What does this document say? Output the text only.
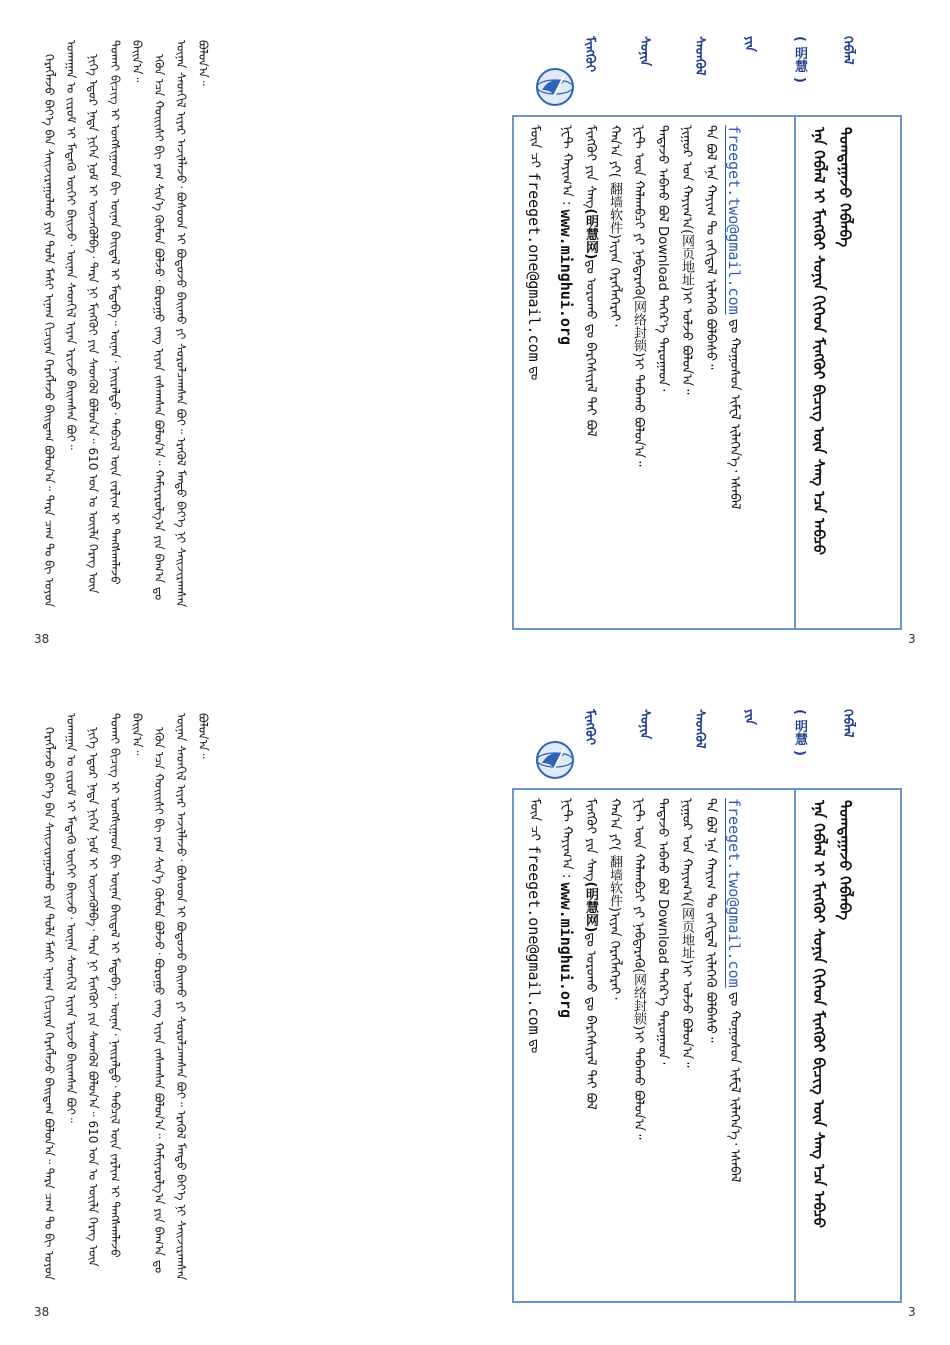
ᠬᠡᠷᠡᠭᠯᠡᠵᠦ ᠪᠡᠶ᠎ᠡ ᠪᠡᠨ ᠰᠠᠢᠵᠢᠷᠠᠭᠤᠯᠬᠤ ᠶᠢᠨ ᠲᠤᠯᠠ ᠮᠠᠰᠢ ᠢᠨᠠᠭ ᠬᠢᠴᠢᠶᠡᠨ ᠬᠡᠷᠡᠭᠯᠡᠵᠦ ᠪᠠᠢᠳᠠᠭ ᠪᠣᠯᠤᠨ᠎ᠠ᠃ ᠲᠡᠷᠡ ᠴᠠᠭ ᠲᠤ ᠪᠢ ᠣᠶᠤᠨ ᠤᠬᠠᠭᠠᠨ ᠤ ᠵᠢᠷᠤᠮ ᠢ ᠮᠡᠳᠡᠬᠦ ᠦᠭᠡᠢ ᠪᠠᠢᠵᠤ᠂ ᠦᠨᠡᠨ ᠰᠡᠳᠬᠢᠯ ᠢᠶᠡᠨ ᠡᠷᠢᠵᠦ ᠪᠠᠢᠭᠰᠠᠨ ᠪᠤᠢ᠃ ᠨᠢᠭᠡ ᠡᠳᠦᠷ ᠨᠠᠳᠠ ᠨᠢᠭᠡᠨ ᠨᠣᠮ ᠢ ᠦᠵᠡᠭᠦᠯᠪᠡ᠂ ᠲᠡᠷᠡ ᠨᠢ ᠮᠢᠩᠬᠦᠢ ᠶᠢᠨ ᠰᠡᠳᠬᠦᠯ ᠪᠣᠯᠤᠨ᠎ᠠ᠃ 610 ᠣᠨ ᠤ ᠦᠢᠯᠡ ᠬᠡᠷᠡᠭ ᠦᠨ ᠲᠤᠬᠠᠢ ᠪᠢᠴᠢᠭ ᠢ ᠤᠩᠰᠢᠭᠠᠳ ᠪᠢ ᠦᠨᠡᠨ ᠪᠠᠢᠳᠠᠯ ᠢ ᠮᠡᠳᠡᠪᠡ᠃ ᠦᠨᠡᠨ᠂ ᠨᠠᠢᠷᠠᠯᠲᠤ᠂ ᠲᠡᠪᠴᠢᠯ ᠦᠨ ᠵᠠᠷᠯᠢᠭ ᠢ ᠲᠠᠩᠰᠠᠭᠯᠠᠵᠤ ᠪᠠᠢᠨ᠎ᠠ᠃ ᠡᠭᠦᠨ ᠡᠴᠡ ᠬᠣᠢᠢᠰᠢ ᠪᠢ ᠶᠠᠭ ᠰᠢᠨ᠎ᠡ ᠬᠦᠮᠦᠨ ᠪᠣᠯᠵᠤ᠂ ᠪᠤᠷᠤᠭᠤ ᠵᠠᠩ ᠢᠶᠠᠨ ᠵᠠᠰᠠᠭᠰᠠᠨ ᠪᠣᠯᠤᠨ᠎ᠠ᠃ ᠬᠠᠮᠢᠶᠠᠷᠤᠯᠭ᠎ᠠ ᠶᠢᠨ ᠪᠠᠭ᠎ᠠ ᠳᠤ ᠦᠨᠡᠨ ᠰᠡᠳᠬᠢᠯ ᠢᠶᠡᠷ ᠠᠵᠢᠯᠯᠠᠵᠤ᠂ ᠪᠤᠰᠤᠳ ᠢ ᠪᠣᠳᠤᠵᠤ ᠪᠠᠢᠬᠤ ᠶᠢ ᠰᠤᠷᠤᠯᠴᠠᠭᠰᠠᠨ ᠪᠤᠢ᠃ ᠡᠷᠡᠭᠦᠯ ᠮᠡᠨᠳᠦ ᠪᠡᠶ᠎ᠡ ᠨᠢ ᠰᠠᠢᠵᠢᠷᠠᠭᠰᠠᠨ ᠪᠣᠯᠤᠨ᠎ᠠ᠃

38
ᠮᠢᠩᠬᠦᠢ	ᠰᠣᠨᠢᠨ	ᠰᠡᠳᠬᠦᠯ	ᠶᠢᠨ	( 明慧 )	ᠬᠡᠪᠯᠡᠯ
ᠡᠨᠡ ᠬᠡᠪᠯᠡᠯ ᠢ ᠮᠢᠩᠬᠦᠢ ᠰᠣᠨᠢᠨ ᠬᠢᠭᠡᠳ ᠮᠢᠩᠬᠦᠢ ᠪᠢᠴᠢᠭ ᠦᠨ ᠰᠠᠩ ᠡᠴᠡ ᠠᠪᠴᠤ ᠲᠣᠭᠲᠠᠭᠠᠵᠤ ᠬᠡᠪᠯᠡᠪᠡ
ᠨᠧᠲ ᠬᠠᠶᠢᠭ᠎ᠠ : www.minghui.org
ᠮᠢᠩᠬᠦᠢ ᠶᠢᠨ ᠰᠠᠩ(明慧网)ᠳᠤ ᠣᠷᠣᠬᠤ ᠳᠤ ᠪᠡᠷᠬᠡᠰᠢᠶᠡᠯ ᠲᠠᠢ ᠪᠣᠯ
ᠬᠠᠨ᠎ᠠ ᠶᠢ( 翻墙软件)ᠢᠶᠡᠨ ᠬᠡᠷᠡᠭᠯᠡᠭᠡᠷᠡᠢ᠂ ᠨᠧᠲ ᠦᠨ ᠬᠠᠯᠬᠠᠪᠴᠢ ᠶᠢ ᠨᠡᠪᠲᠡᠷᠡᠬᠦ(网络封锁)ᠢ ᠳᠠᠪᠠᠬᠤ ᠪᠤᠯᠤᠨ᠎ᠠ᠃
ᠲᠠᠲᠠᠵᠤ ᠠᠪᠬᠤ ᠪᠣᠯ Download ᠳᠡᠭᠡᠷ᠎ᠡ ᠳᠠᠷᠤᠭᠠᠳ᠂ ᠨᠢᠭᠤᠷ ᠤᠨ ᠬᠠᠶᠢᠭ᠎ᠠ(网页地址)ᠢ ᠣᠯᠵᠤ ᠪᠣᠯᠤᠨ᠎ᠠ᠃ ᠲᠠ ᠪᠣᠯ ᠡᠨᠡ ᠬᠠᠶᠢᠭ ᠲᠤ ᠵᠠᠬᠢᠳᠠᠯ ᠢᠯᠡᠬᠡᠬᠦ ᠪᠣᠯᠪᠠᠰᠤ᠃ freeget.two@gmail.com ᠳᠤ ᠬᠣᠭᠣᠰᠣᠨ ᠢᠮᠧᠯ ᠢᠯᠡᠬᠡᠨ᠎ᠡ᠂ ᠡᠰᠡᠪᠡᠯ
ᠮᠦᠨ ᠴᠢ freeget.one@gmail.com ᠳᠤ
3

ᠬᠡᠷᠡᠭᠯᠡᠵᠦ ᠪᠡᠶ᠎ᠡ ᠪᠡᠨ ᠰᠠᠢᠵᠢᠷᠠᠭᠤᠯᠬᠤ ᠶᠢᠨ ᠲᠤᠯᠠ ᠮᠠᠰᠢ ᠢᠨᠠᠭ ᠬᠢᠴᠢᠶᠡᠨ ᠬᠡᠷᠡᠭᠯᠡᠵᠦ ᠪᠠᠢᠳᠠᠭ ᠪᠣᠯᠤᠨ᠎ᠠ᠃ ᠲᠡᠷᠡ ᠴᠠᠭ ᠲᠤ ᠪᠢ ᠣᠶᠤᠨ ᠤᠬᠠᠭᠠᠨ ᠤ ᠵᠢᠷᠤᠮ ᠢ ᠮᠡᠳᠡᠬᠦ ᠦᠭᠡᠢ ᠪᠠᠢᠵᠤ᠂ ᠦᠨᠡᠨ ᠰᠡᠳᠬᠢᠯ ᠢᠶᠡᠨ ᠡᠷᠢᠵᠦ ᠪᠠᠢᠭᠰᠠᠨ ᠪᠤᠢ᠃ ᠨᠢᠭᠡ ᠡᠳᠦᠷ ᠨᠠᠳᠠ ᠨᠢᠭᠡᠨ ᠨᠣᠮ ᠢ ᠦᠵᠡᠭᠦᠯᠪᠡ᠂ ᠲᠡᠷᠡ ᠨᠢ ᠮᠢᠩᠬᠦᠢ ᠶᠢᠨ ᠰᠡᠳᠬᠦᠯ ᠪᠣᠯᠤᠨ᠎ᠠ᠃ 610 ᠣᠨ ᠤ ᠦᠢᠯᠡ ᠬᠡᠷᠡᠭ ᠦᠨ ᠲᠤᠬᠠᠢ ᠪᠢᠴᠢᠭ ᠢ ᠤᠩᠰᠢᠭᠠᠳ ᠪᠢ ᠦᠨᠡᠨ ᠪᠠᠢᠳᠠᠯ ᠢ ᠮᠡᠳᠡᠪᠡ᠃ ᠦᠨᠡᠨ᠂ ᠨᠠᠢᠷᠠᠯᠲᠤ᠂ ᠲᠡᠪᠴᠢᠯ ᠦᠨ ᠵᠠᠷᠯᠢᠭ ᠢ ᠲᠠᠩᠰᠠᠭᠯᠠᠵᠤ ᠪᠠᠢᠨ᠎ᠠ᠃ ᠡᠭᠦᠨ ᠡᠴᠡ ᠬᠣᠢᠢᠰᠢ ᠪᠢ ᠶᠠᠭ ᠰᠢᠨ᠎ᠡ ᠬᠦᠮᠦᠨ ᠪᠣᠯᠵᠤ᠂ ᠪᠤᠷᠤᠭᠤ ᠵᠠᠩ ᠢᠶᠠᠨ ᠵᠠᠰᠠᠭᠰᠠᠨ ᠪᠣᠯᠤᠨ᠎ᠠ᠃ ᠬᠠᠮᠢᠶᠠᠷᠤᠯᠭ᠎ᠠ ᠶᠢᠨ ᠪᠠᠭ᠎ᠠ ᠳᠤ ᠦᠨᠡᠨ ᠰᠡᠳᠬᠢᠯ ᠢᠶᠡᠷ ᠠᠵᠢᠯᠯᠠᠵᠤ᠂ ᠪᠤᠰᠤᠳ ᠢ ᠪᠣᠳᠤᠵᠤ ᠪᠠᠢᠬᠤ ᠶᠢ ᠰᠤᠷᠤᠯᠴᠠᠭᠰᠠᠨ ᠪᠤᠢ᠃ ᠡᠷᠡᠭᠦᠯ ᠮᠡᠨᠳᠦ ᠪᠡᠶ᠎ᠡ ᠨᠢ ᠰᠠᠢᠵᠢᠷᠠᠭᠰᠠᠨ ᠪᠣᠯᠤᠨ᠎ᠠ᠃

38
ᠮᠢᠩᠬᠦᠢ	ᠰᠣᠨᠢᠨ	ᠰᠡᠳᠬᠦᠯ	ᠶᠢᠨ	( 明慧 )	ᠬᠡᠪᠯᠡᠯ
ᠡᠨᠡ ᠬᠡᠪᠯᠡᠯ ᠢ ᠮᠢᠩᠬᠦᠢ ᠰᠣᠨᠢᠨ ᠬᠢᠭᠡᠳ ᠮᠢᠩᠬᠦᠢ ᠪᠢᠴᠢᠭ ᠦᠨ ᠰᠠᠩ ᠡᠴᠡ ᠠᠪᠴᠤ ᠲᠣᠭᠲᠠᠭᠠᠵᠤ ᠬᠡᠪᠯᠡᠪᠡ
ᠨᠧᠲ ᠬᠠᠶᠢᠭ᠎ᠠ : www.minghui.org
ᠮᠢᠩᠬᠦᠢ ᠶᠢᠨ ᠰᠠᠩ(明慧网)ᠳᠤ ᠣᠷᠣᠬᠤ ᠳᠤ ᠪᠡᠷᠬᠡᠰᠢᠶᠡᠯ ᠲᠠᠢ ᠪᠣᠯ
ᠬᠠᠨ᠎ᠠ ᠶᠢ( 翻墙软件)ᠢᠶᠡᠨ ᠬᠡᠷᠡᠭᠯᠡᠭᠡᠷᠡᠢ᠂ ᠨᠧᠲ ᠦᠨ ᠬᠠᠯᠬᠠᠪᠴᠢ ᠶᠢ ᠨᠡᠪᠲᠡᠷᠡᠬᠦ(网络封锁)ᠢ ᠳᠠᠪᠠᠬᠤ ᠪᠤᠯᠤᠨ᠎ᠠ᠃
ᠲᠠᠲᠠᠵᠤ ᠠᠪᠬᠤ ᠪᠣᠯ Download ᠳᠡᠭᠡᠷ᠎ᠡ ᠳᠠᠷᠤᠭᠠᠳ᠂ ᠨᠢᠭᠤᠷ ᠤᠨ ᠬᠠᠶᠢᠭ᠎ᠠ(网页地址)ᠢ ᠣᠯᠵᠤ ᠪᠣᠯᠤᠨ᠎ᠠ᠃ ᠲᠠ ᠪᠣᠯ ᠡᠨᠡ ᠬᠠᠶᠢᠭ ᠲᠤ ᠵᠠᠬᠢᠳᠠᠯ ᠢᠯᠡᠬᠡᠬᠦ ᠪᠣᠯᠪᠠᠰᠤ᠃ freeget.two@gmail.com ᠳᠤ ᠬᠣᠭᠣᠰᠣᠨ ᠢᠮᠧᠯ ᠢᠯᠡᠬᠡᠨ᠎ᠡ᠂ ᠡᠰᠡᠪᠡᠯ
ᠮᠦᠨ ᠴᠢ freeget.one@gmail.com ᠳᠤ
3
